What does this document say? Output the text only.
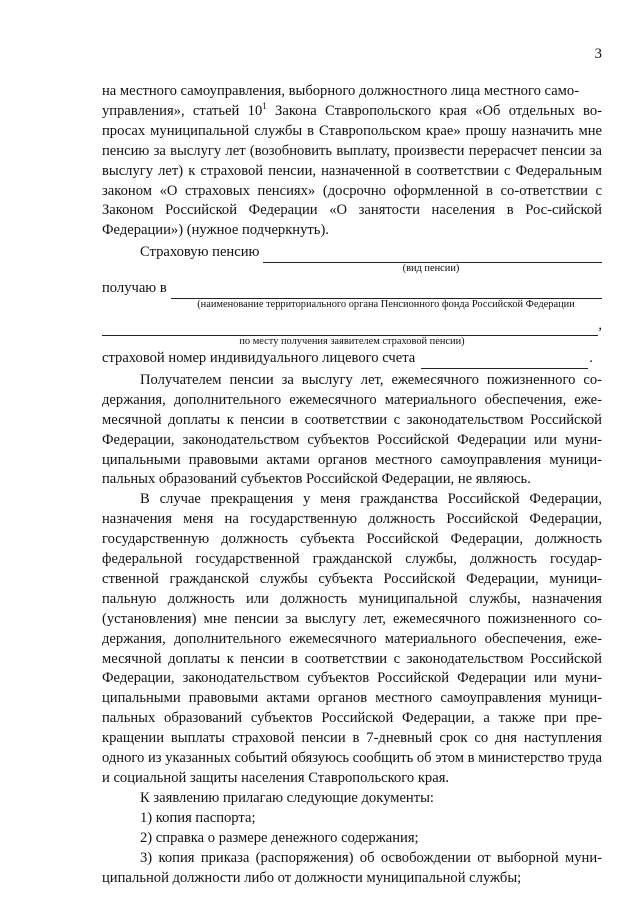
3

на местного самоуправления, выборного должностного лица местного само-

управления», статьей $10^1$ Закона Ставропольского края «Об отдельных во-

просах муниципальной службы в Ставропольском крае» прошу назначить мне пенсию за выслугу лет (возобновить выплату, произвести перерасчет пенсии за выслугу лет) к страховой пенсии, назначенной в соответствии с Федеральным законом «О страховых пенсиях» (досрочно оформленной в со-ответствии с Законом Российской Федерации «О занятости населения в Рос-сийской Федерации») (нужное подчеркнуть).

Страховую пенсию
(вид пенсии)
получаю в
(наименование территориального органа Пенсионного фонда Российской Федерации
,
по месту получения заявителем страховой пенсии)
страховой номер индивидуального лицевого счета	.

Получателем пенсии за выслугу лет, ежемесячного пожизненного со-держания, дополнительного ежемесячного материального обеспечения, еже-месячной доплаты к пенсии в соответствии с законодательством Российской Федерации, законодательством субъектов Российской Федерации или муни-ципальными правовыми актами органов местного самоуправления муници-пальных образований субъектов Российской Федерации, не являюсь.

В случае прекращения у меня гражданства Российской Федерации, назначения меня на государственную должность Российской Федерации, государственную должность субъекта Российской Федерации, должность федеральной государственной гражданской службы, должность государ-ственной гражданской службы субъекта Российской Федерации, муници-пальную должность или должность муниципальной службы, назначения (установления) мне пенсии за выслугу лет, ежемесячного пожизненного со-держания, дополнительного ежемесячного материального обеспечения, еже-месячной доплаты к пенсии в соответствии с законодательством Российской Федерации, законодательством субъектов Российской Федерации или муни-ципальными правовыми актами органов местного самоуправления муници-пальных образований субъектов Российской Федерации, а также при пре-кращении выплаты страховой пенсии в 7-дневный срок со дня наступления одного из указанных событий обязуюсь сообщить об этом в министерство труда и социальной защиты населения Ставропольского края.

К заявлению прилагаю следующие документы:

1) копия паспорта;

2) справка о размере денежного содержания;

3) копия приказа (распоряжения) об освобождении от выборной муни-ципальной должности либо от должности муниципальной службы;
